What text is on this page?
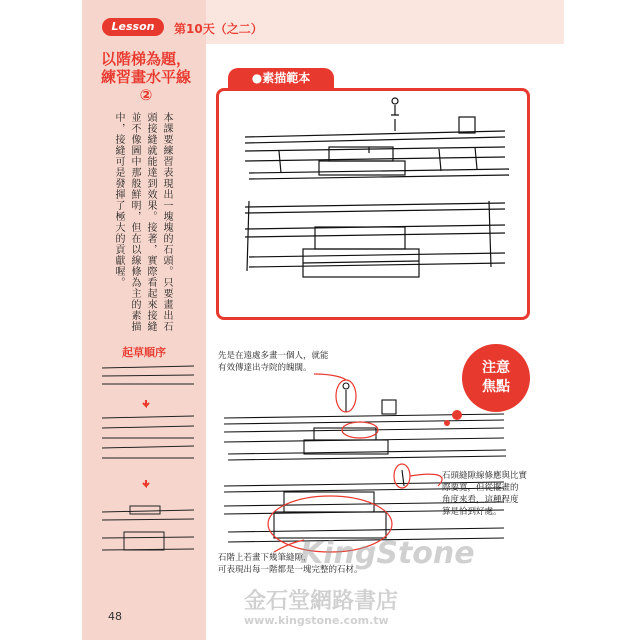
Lesson	第10天（之二）
以階梯為題，
練習畫水平線
②
本課要練習表現出一塊塊的石頭。只要畫出石頭接縫就能達到效果。接著，實際看起來接縫並不像圖中那般鮮明，但在以線條為主的素描中，接縫可是發揮了極大的貢獻喔。
起草順序
●素描範本
注意
焦點
先是在遠處多畫一個人，就能
有效傳達出寺院的魄闊。
石頭縫隙線條應與比實
際要寬，但從擺畫的
角度來看，這種程度
算是恰到好處。
石階上若畫下幾筆縫隙，
可表現出每一階都是一塊完整的石材。
48
KingStone
金石堂網路書店
www.kingstone.com.tw
